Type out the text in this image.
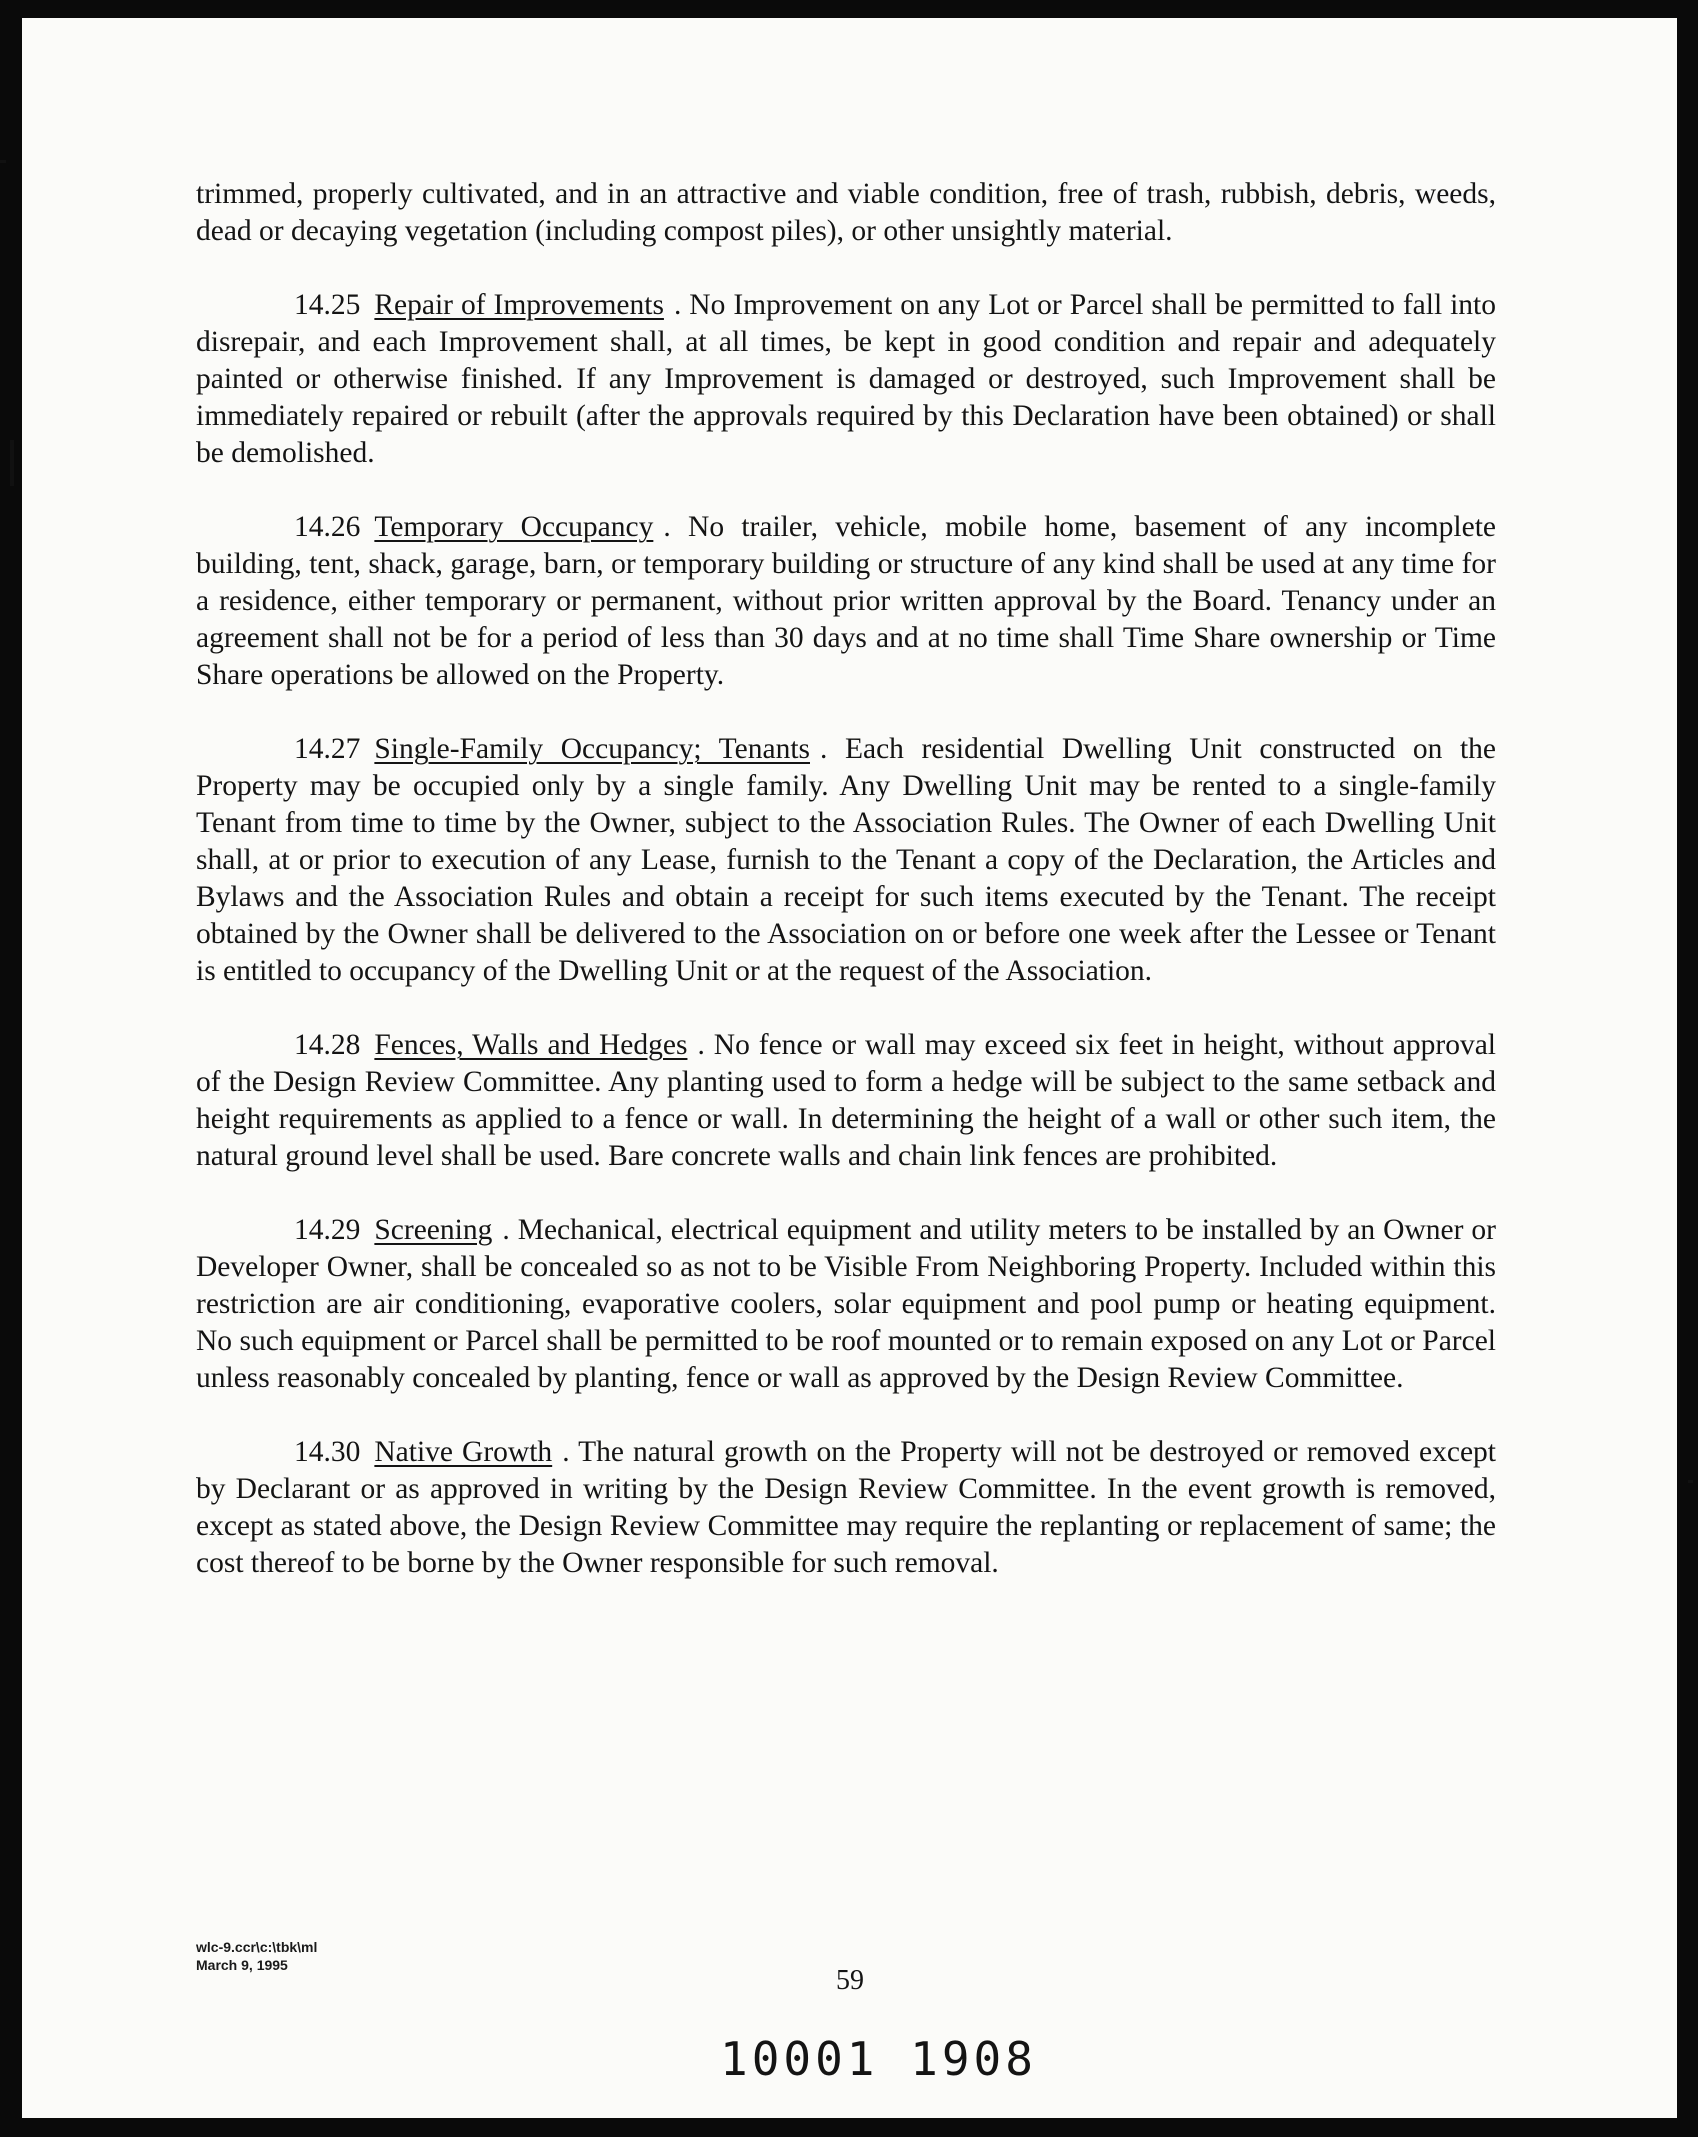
trimmed, properly cultivated, and in an attractive and viable condition, free of trash, rubbish, debris, weeds, dead or decaying vegetation (including compost piles), or other unsightly material.

14.25 Repair of Improvements . No Improvement on any Lot or Parcel shall be permitted to fall into disrepair, and each Improvement shall, at all times, be kept in good condition and repair and adequately painted or otherwise finished. If any Improvement is damaged or destroyed, such Improvement shall be immediately repaired or rebuilt (after the approvals required by this Declaration have been obtained) or shall be demolished.

14.26 Temporary Occupancy . No trailer, vehicle, mobile home, basement of any incomplete building, tent, shack, garage, barn, or temporary building or structure of any kind shall be used at any time for a residence, either temporary or permanent, without prior written approval by the Board. Tenancy under an agreement shall not be for a period of less than 30 days and at no time shall Time Share ownership or Time Share operations be allowed on the Property.

14.27 Single-Family Occupancy; Tenants . Each residential Dwelling Unit constructed on the Property may be occupied only by a single family. Any Dwelling Unit may be rented to a single-family Tenant from time to time by the Owner, subject to the Association Rules. The Owner of each Dwelling Unit shall, at or prior to execution of any Lease, furnish to the Tenant a copy of the Declaration, the Articles and Bylaws and the Association Rules and obtain a receipt for such items executed by the Tenant. The receipt obtained by the Owner shall be delivered to the Association on or before one week after the Lessee or Tenant is entitled to occupancy of the Dwelling Unit or at the request of the Association.

14.28 Fences, Walls and Hedges . No fence or wall may exceed six feet in height, without approval of the Design Review Committee. Any planting used to form a hedge will be subject to the same setback and height requirements as applied to a fence or wall. In determining the height of a wall or other such item, the natural ground level shall be used. Bare concrete walls and chain link fences are prohibited.

14.29 Screening . Mechanical, electrical equipment and utility meters to be installed by an Owner or Developer Owner, shall be concealed so as not to be Visible From Neighboring Property. Included within this restriction are air conditioning, evaporative coolers, solar equipment and pool pump or heating equipment. No such equipment or Parcel shall be permitted to be roof mounted or to remain exposed on any Lot or Parcel unless reasonably concealed by planting, fence or wall as approved by the Design Review Committee.

14.30 Native Growth . The natural growth on the Property will not be destroyed or removed except by Declarant or as approved in writing by the Design Review Committee. In the event growth is removed, except as stated above, the Design Review Committee may require the replanting or replacement of same; the cost thereof to be borne by the Owner responsible for such removal.

wlc-9.ccr\c:\tbk\ml
March 9, 1995	59
10001 1908
